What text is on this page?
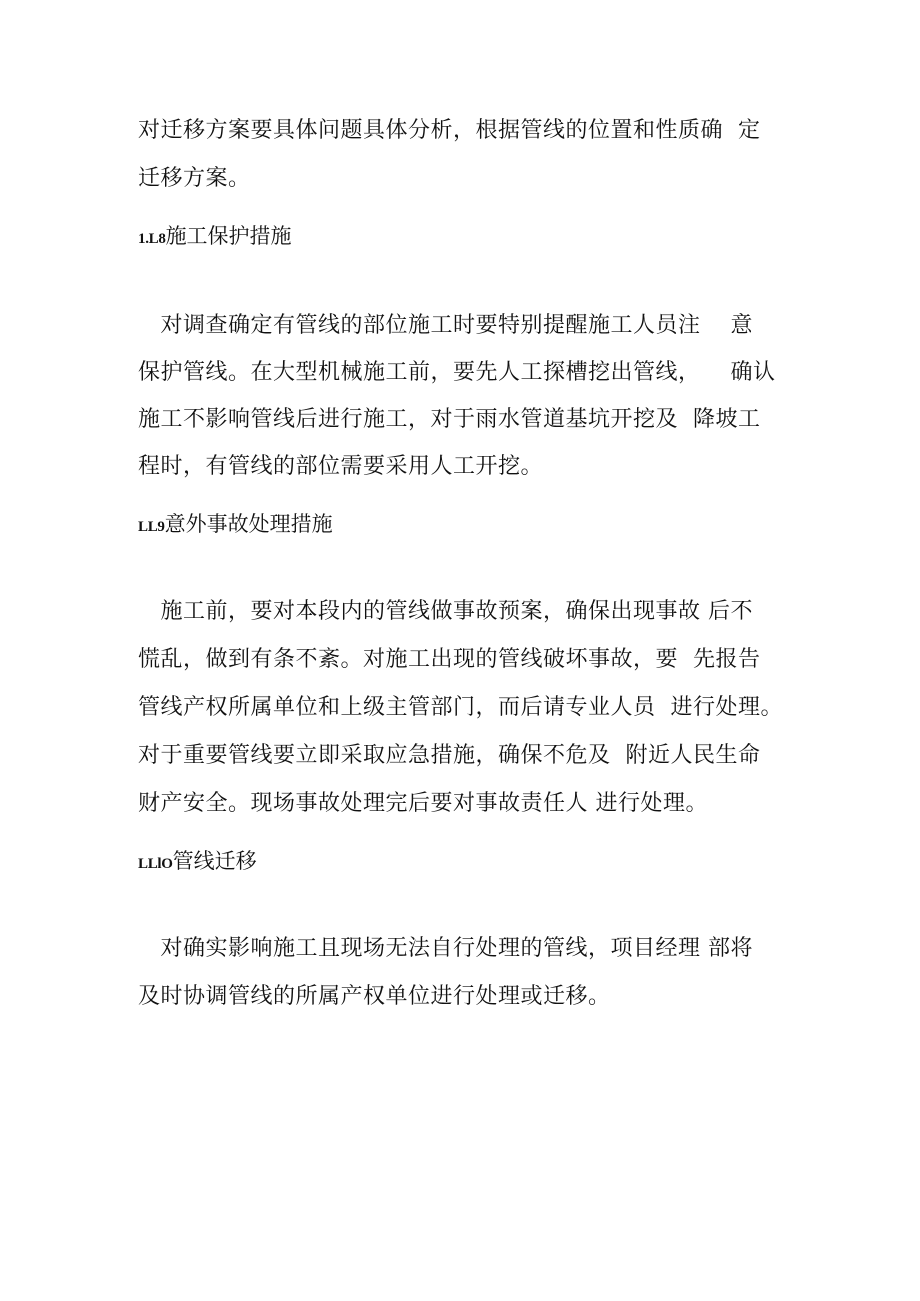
对迁移方案要具体问题具体分析，根据管线的位置和性质确  定
迁移方案。
1.L8施工保护措施
对调查确定有管线的部位施工时要特别提醒施工人员注    意
保护管线。在大型机械施工前，要先人工探槽挖出管线，    确认
施工不影响管线后进行施工，对于雨水管道基坑开挖及  降坡工
程时，有管线的部位需要采用人工开挖。
LL9意外事故处理措施
施工前，要对本段内的管线做事故预案，确保出现事故 后不
慌乱，做到有条不紊。对施工出现的管线破坏事故，要  先报告
管线产权所属单位和上级主管部门，而后请专业人员  进行处理。
对于重要管线要立即采取应急措施，确保不危及  附近人民生命
财产安全。现场事故处理完后要对事故责任人 进行处理。
LLlO管线迁移
对确实影响施工且现场无法自行处理的管线，项目经理 部将
及时协调管线的所属产权单位进行处理或迁移。
